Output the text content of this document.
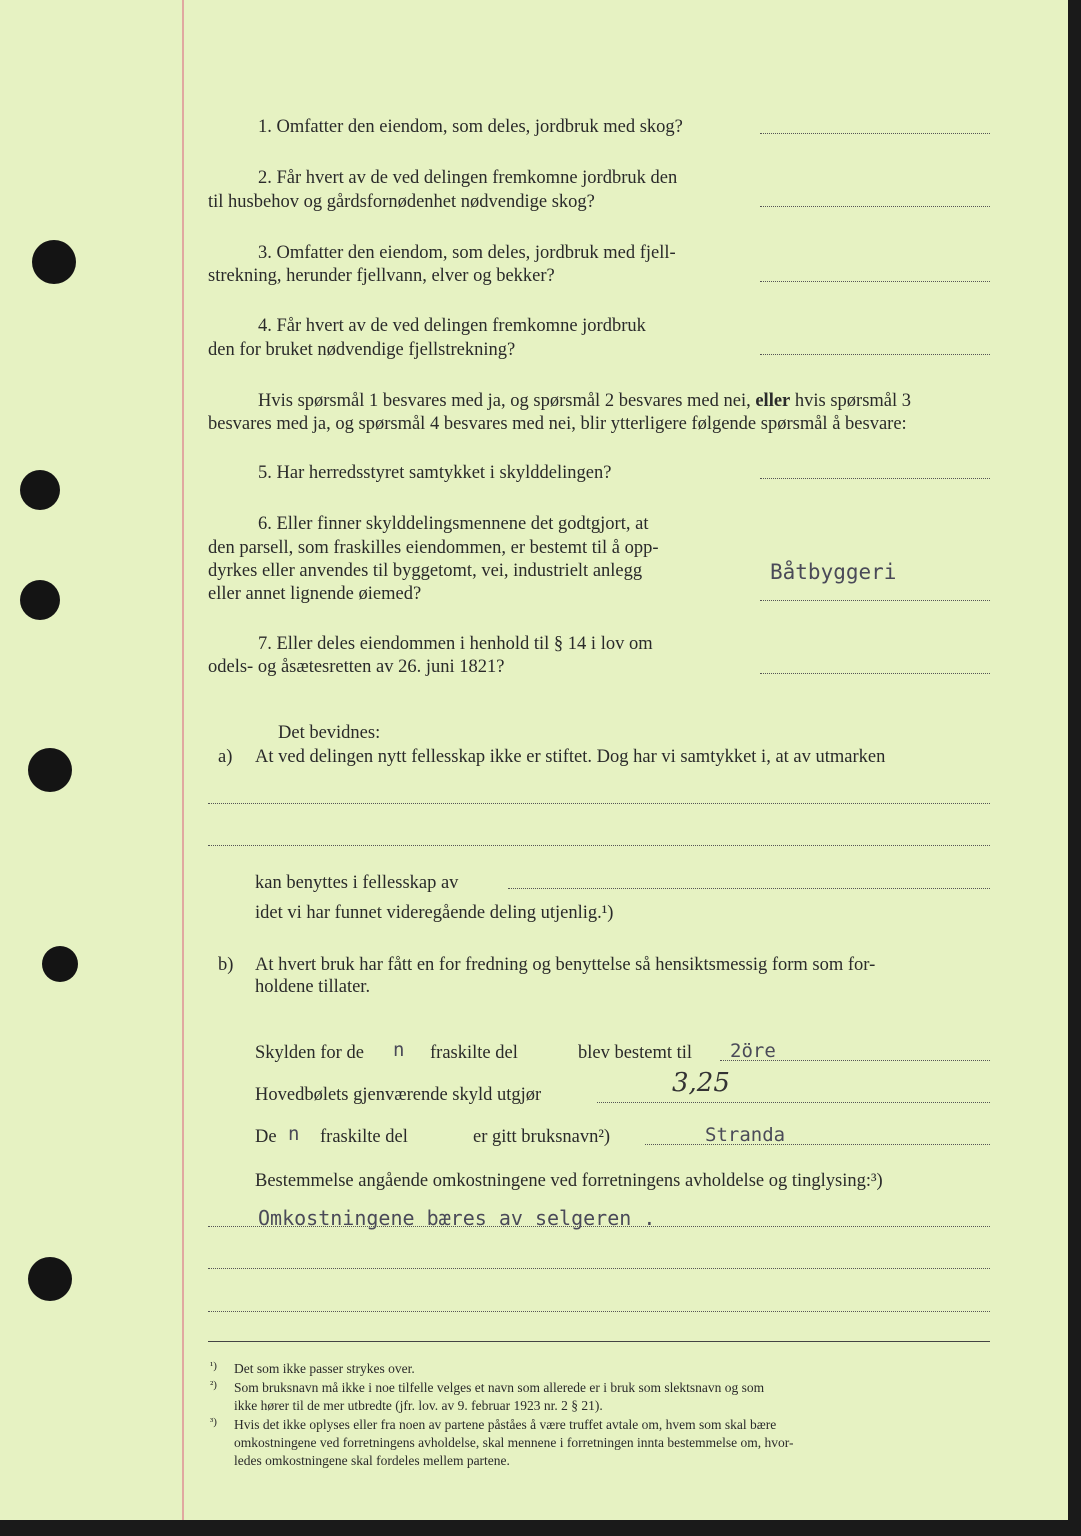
1. Omfatter den eiendom, som deles, jordbruk med skog?
2. Får hvert av de ved delingen fremkomne jordbruk den
til husbehov og gårdsfornødenhet nødvendige skog?
3. Omfatter den eiendom, som deles, jordbruk med fjell-
strekning, herunder fjellvann, elver og bekker?
4. Får hvert av de ved delingen fremkomne jordbruk
den for bruket nødvendige fjellstrekning?
Hvis spørsmål 1 besvares med ja, og spørsmål 2 besvares med nei, eller hvis spørsmål 3
besvares med ja, og spørsmål 4 besvares med nei, blir ytterligere følgende spørsmål å besvare:
5. Har herredsstyret samtykket i skylddelingen?
6. Eller finner skylddelingsmennene det godtgjort, at
den parsell, som fraskilles eiendommen, er bestemt til å opp-
dyrkes eller anvendes til byggetomt, vei, industrielt anlegg
eller annet lignende øiemed?
Båtbyggeri
7. Eller deles eiendommen i henhold til § 14 i lov om
odels- og åsætesretten av 26. juni 1821?
Det bevidnes:
a) At ved delingen nytt fellesskap ikke er stiftet. Dog har vi samtykket i, at av utmarken
kan benyttes i fellesskap av
idet vi har funnet videregående deling utjenlig.¹)
b) At hvert bruk har fått en for fredning og benyttelse så hensiktsmessig form som for-
holdene tillater.
Skylden for de n fraskilte del	blev bestemt til 2öre
Hovedbølets gjenværende skyld utgjør	3,25
De n fraskilte del	er gitt bruksnavn²)	Stranda
Bestemmelse angående omkostningene ved forretningens avholdelse og tinglysing:³)
Omkostningene bæres av selgeren .
¹) Det som ikke passer strykes over.
²) Som bruksnavn må ikke i noe tilfelle velges et navn som allerede er i bruk som slektsnavn og som
ikke hører til de mer utbredte (jfr. lov. av 9. februar 1923 nr. 2 § 21).
³) Hvis det ikke oplyses eller fra noen av partene påståes å være truffet avtale om, hvem som skal bære
omkostningene ved forretningens avholdelse, skal mennene i forretningen innta bestemmelse om, hvor-
ledes omkostningene skal fordeles mellem partene.
